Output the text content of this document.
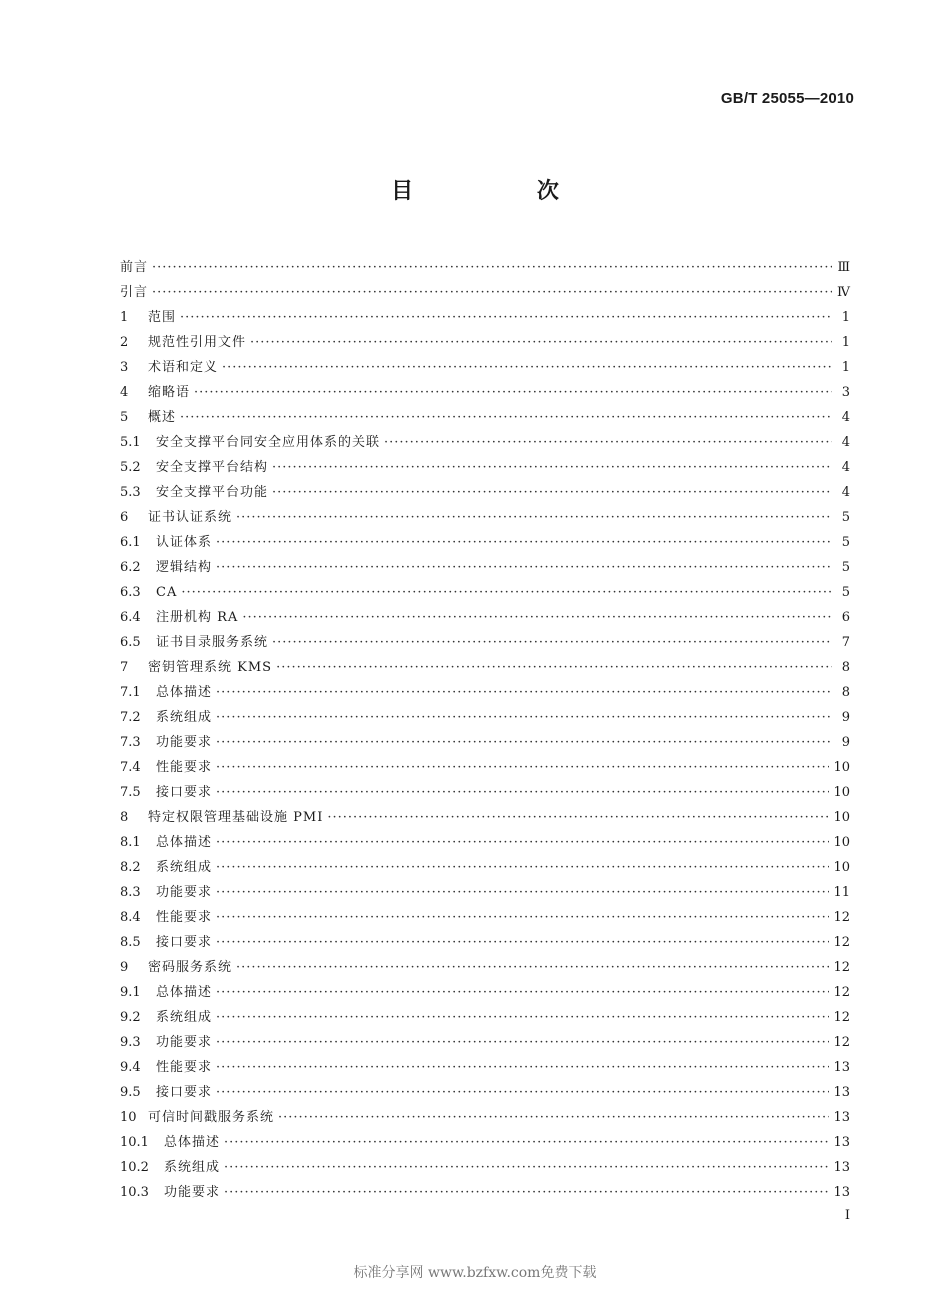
GB/T 25055—2010
目 次
前言 ·····	Ⅲ
引言 ·····	Ⅳ
1	范围 ·····	1
2	规范性引用文件 ·····	1
3	术语和定义 ·····	1
4	缩略语 ·····	3
5	概述 ·····	4
5.1	安全支撑平台同安全应用体系的关联 ·····	4
5.2	安全支撑平台结构 ·····	4
5.3	安全支撑平台功能 ·····	4
6	证书认证系统 ·····	5
6.1	认证体系 ·····	5
6.2	逻辑结构 ·····	5
6.3	CA ·····	5
6.4	注册机构 RA ·····	6
6.5	证书目录服务系统 ·····	7
7	密钥管理系统 KMS ·····	8
7.1	总体描述 ·····	8
7.2	系统组成 ·····	9
7.3	功能要求 ·····	9
7.4	性能要求 ·····	10
7.5	接口要求 ·····	10
8	特定权限管理基础设施 PMI ·····	10
8.1	总体描述 ·····	10
8.2	系统组成 ·····	10
8.3	功能要求 ·····	11
8.4	性能要求 ·····	12
8.5	接口要求 ·····	12
9	密码服务系统 ·····	12
9.1	总体描述 ·····	12
9.2	系统组成 ·····	12
9.3	功能要求 ·····	12
9.4	性能要求 ·····	13
9.5	接口要求 ·····	13
10 可信时间戳服务系统 ·····	13
10.1	总体描述 ·····	13
10.2	系统组成 ·····	13
10.3	功能要求 ·····	13
Ⅰ
标准分享网 www.bzfxw.com免费下载
